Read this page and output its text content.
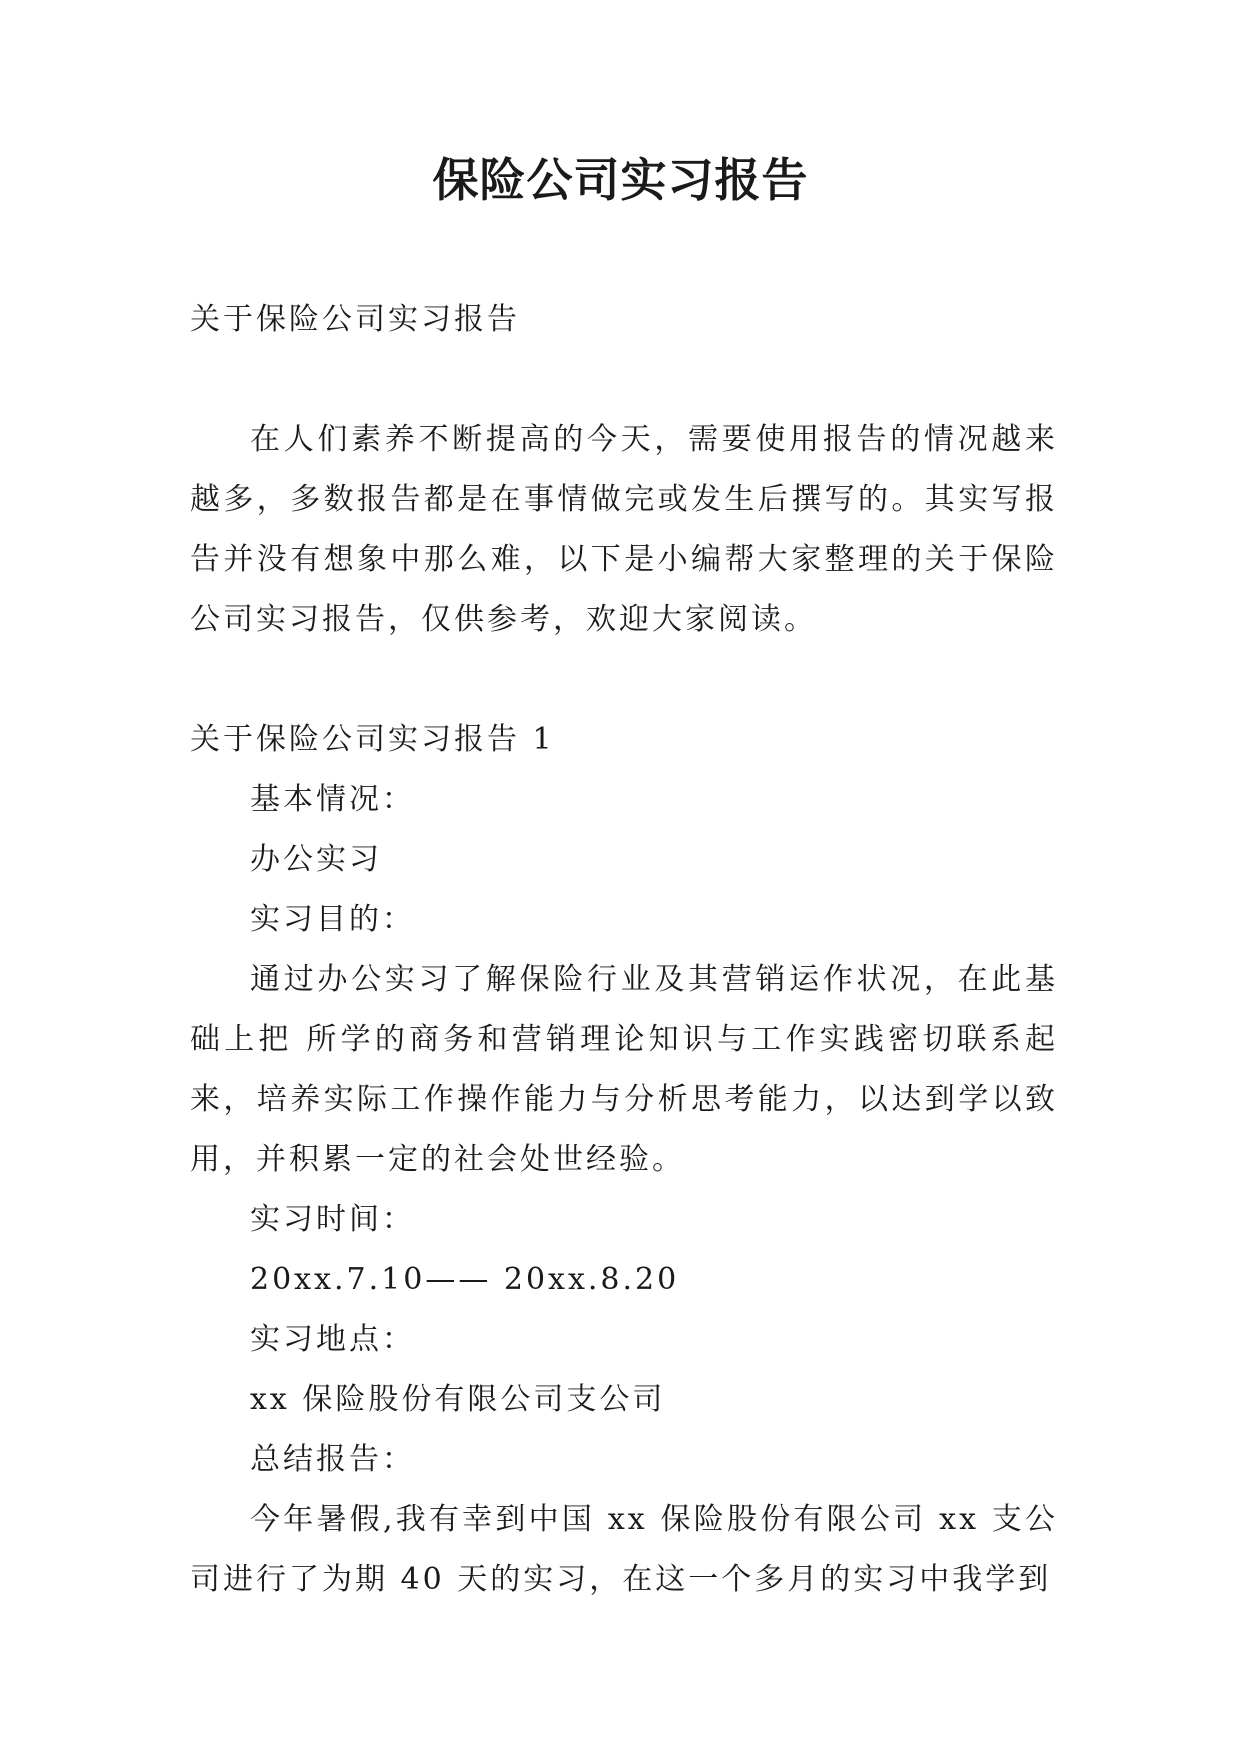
保险公司实习报告

关于保险公司实习报告

在人们素养不断提高的今天，需要使用报告的情况越来越多，多数报告都是在事情做完或发生后撰写的。其实写报告并没有想象中那么难，以下是小编帮大家整理的关于保险公司实习报告，仅供参考，欢迎大家阅读。

关于保险公司实习报告 1

基本情况：

办公实习

实习目的：

通过办公实习了解保险行业及其营销运作状况，在此基础上把 所学的商务和营销理论知识与工作实践密切联系起来，培养实际工作操作能力与分析思考能力，以达到学以致用，并积累一定的社会处世经验。

实习时间：

20xx.7.10—— 20xx.8.20

实习地点：

xx 保险股份有限公司支公司

总结报告：

今年暑假,我有幸到中国 xx 保险股份有限公司 xx 支公司进行了为期 40 天的实习，在这一个多月的实习中我学到
